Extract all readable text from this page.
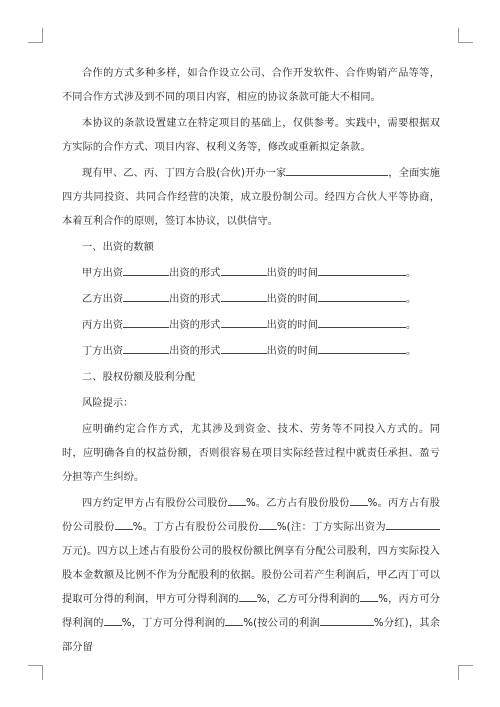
合作的方式多种多样，如合作设立公司、合作开发软件、合作购销产品等等，不同合作方式涉及到不同的项目内容，相应的协议条款可能大不相同。

本协议的条款设置建立在特定项目的基础上，仅供参考。实践中，需要根据双方实际的合作方式、项目内容、权利义务等，修改或重新拟定条款。

现有甲、乙、丙、丁四方合股(合伙)开办一家	，全面实施四方共同投资、共同合作经营的决策，成立股份制公司。经四方合伙人平等协商，本着互利合作的原则，签订本协议，以供信守。

一、出资的数额

甲方出资	出资的形式	出资的时间	。

乙方出资	出资的形式	出资的时间	。

丙方出资	出资的形式	出资的时间	。

丁方出资	出资的形式	出资的时间	。

二、股权份额及股利分配

风险提示：

应明确约定合作方式，尤其涉及到资金、技术、劳务等不同投入方式的。同时，应明确各自的权益份额，否则很容易在项目实际经营过程中就责任承担、盈亏分担等产生纠纷。

四方约定甲方占有股份公司股份 %。乙方占有股份股份 %。丙方占有股份公司股份 %。丁方占有股份公司股份 %(注：丁方实际出资为万元)。四方以上述占有股份公司的股权份额比例享有分配公司股利，四方实际投入股本金数额及比例不作为分配股利的依据。股份公司若产生利润后，甲乙丙丁可以提取可分得的利润，甲方可分得利润的 %，乙方可分得利润的 %，丙方可分得利润的 %，丁方可分得利润的 %(按公司的利润	%分红)，其余部分留
